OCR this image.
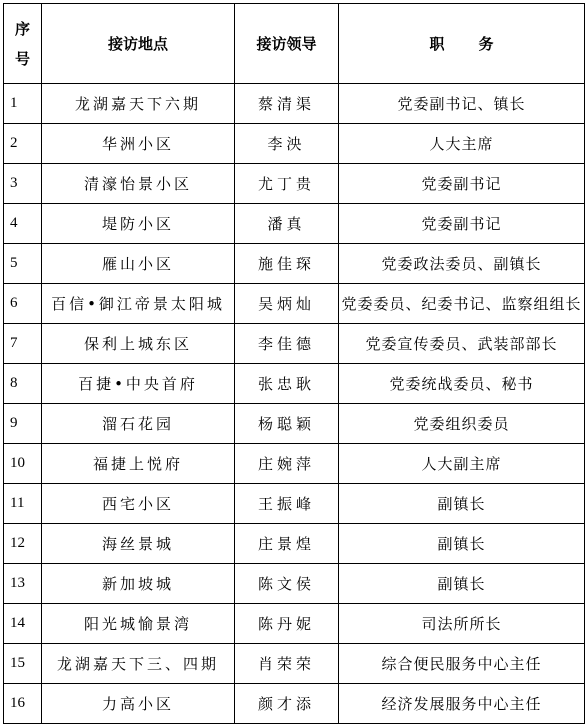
序
号	接访地点	接访领导	职务
1	龙湖嘉天下六期	蔡清渠	党委副书记、镇长
2	华洲小区	李泱	人大主席
3	清濠怡景小区	尤丁贵	党委副书记
4	堤防小区	潘真	党委副书记
5	雁山小区	施佳琛	党委政法委员、副镇长
6	百信•御江帝景太阳城	吴炳灿	党委委员、纪委书记、监察组组长
7	保利上城东区	李佳德	党委宣传委员、武装部部长
8	百捷•中央首府	张忠耿	党委统战委员、秘书
9	溜石花园	杨聪颖	党委组织委员
10	福捷上悦府	庄婉萍	人大副主席
11	西宅小区	王振峰	副镇长
12	海丝景城	庄景煌	副镇长
13	新加坡城	陈文侯	副镇长
14	阳光城愉景湾	陈丹妮	司法所所长
15	龙湖嘉天下三、四期	肖荣荣	综合便民服务中心主任
16	力高小区	颜才添	经济发展服务中心主任
